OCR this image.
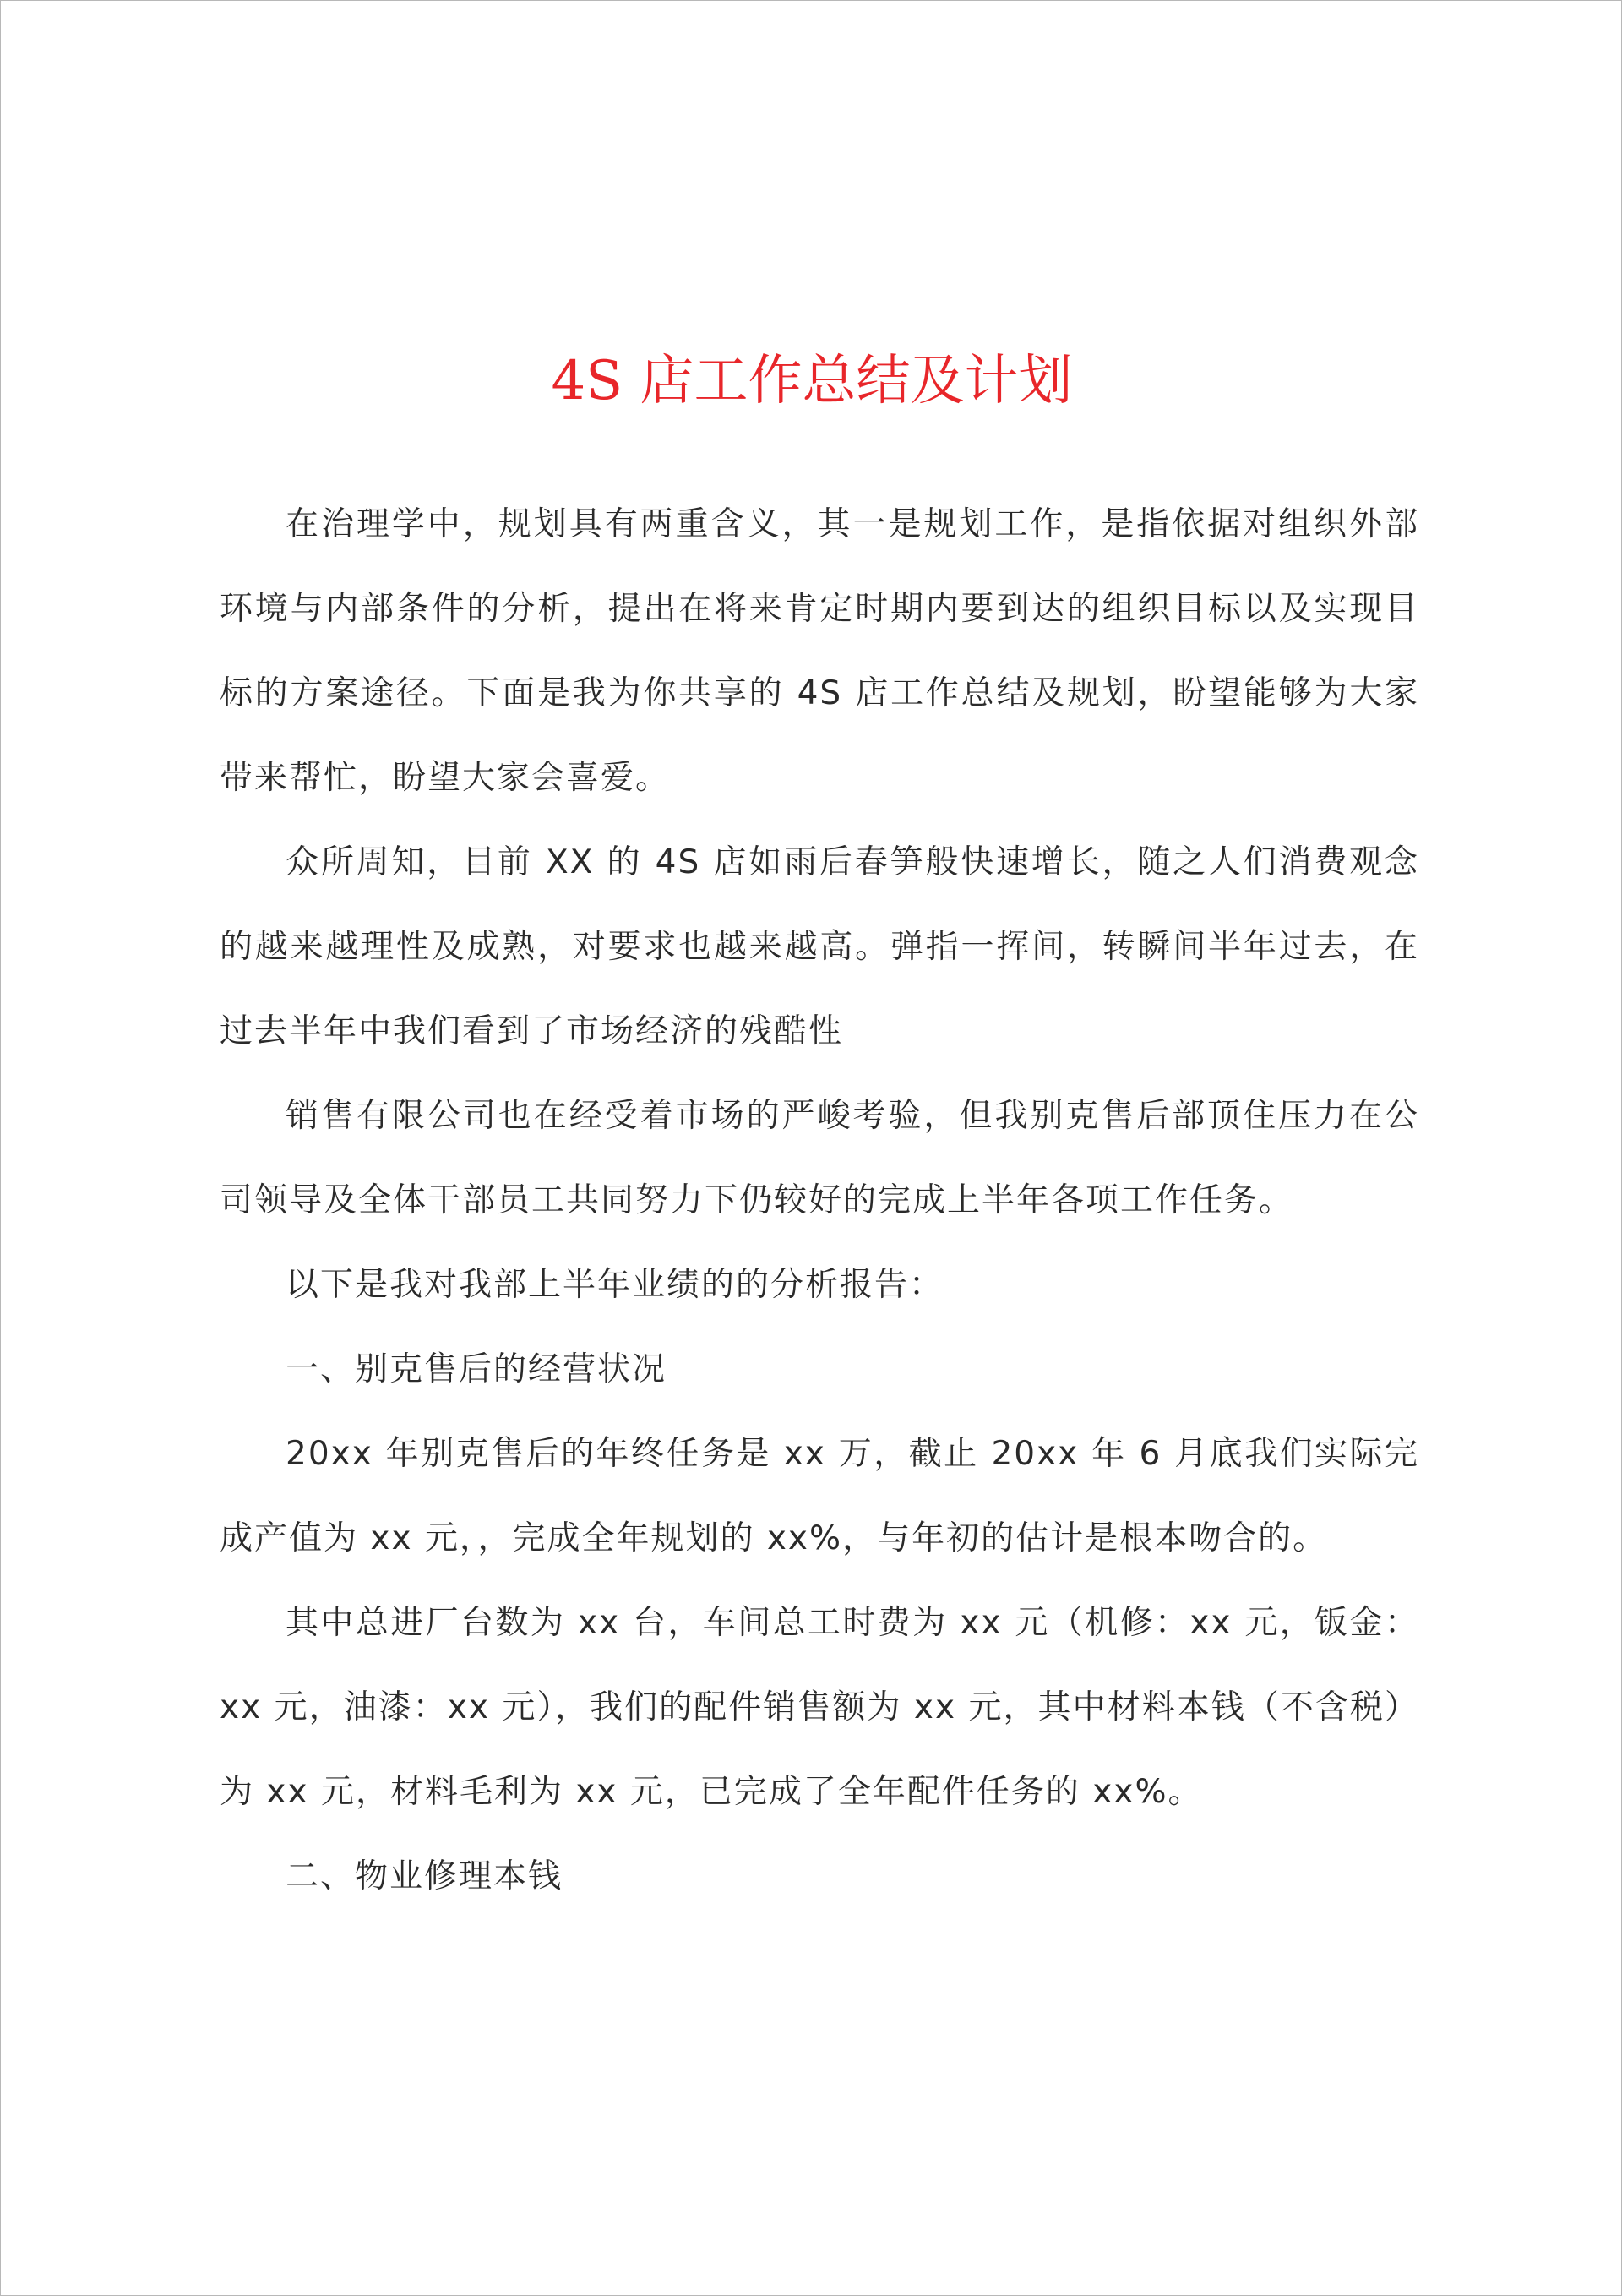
4S 店工作总结及计划

在治理学中，规划具有两重含义，其一是规划工作，是指依据对组织外部环境与内部条件的分析，提出在将来肯定时期内要到达的组织目标以及实现目标的方案途径。下面是我为你共享的 4S 店工作总结及规划，盼望能够为大家带来帮忙，盼望大家会喜爱。

众所周知，目前 XX 的 4S 店如雨后春笋般快速增长，随之人们消费观念的越来越理性及成熟，对要求也越来越高。弹指一挥间，转瞬间半年过去，在过去半年中我们看到了市场经济的残酷性

销售有限公司也在经受着市场的严峻考验，但我别克售后部顶住压力在公司领导及全体干部员工共同努力下仍较好的完成上半年各项工作任务。

以下是我对我部上半年业绩的的分析报告：

一、别克售后的经营状况

20xx 年别克售后的年终任务是 xx 万，截止 20xx 年 6 月底我们实际完成产值为 xx 元，，完成全年规划的 xx%，与年初的估计是根本吻合的。

其中总进厂台数为 xx 台，车间总工时费为 xx 元（机修：xx 元，钣金：xx 元，油漆：xx 元），我们的配件销售额为 xx 元，其中材料本钱（不含税）为 xx 元，材料毛利为 xx 元，已完成了全年配件任务的 xx%。

二、物业修理本钱
